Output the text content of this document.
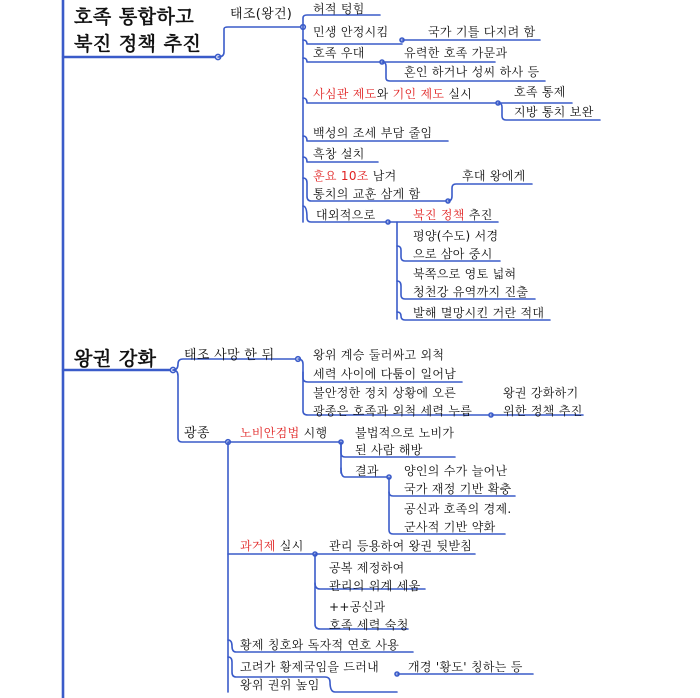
호족 통합하고
북진 정책 추진
태조(왕건) 허적 텅힘
민생 안정시킴	국가 기틀 다지려 함
호족 우대	유력한 호족 가문과
혼인 하거나 성씨 하사 등
사심관 제도와 기인 제도 실시	호족 통제
지방 통치 보완
백성의 조세 부담 줄임
흑창 설치
훈요 10조 남겨
통치의 교훈 삼게 함
후대 왕에게
대외적으로	북진 정책 추진
평양(수도) 서경
으로 삼아 중시
북쪽으로 영토 넓혀
청천강 유역까지 진출
발해 멸망시킨 거란 적대
왕권 강화 태조 사망 한 뒤	왕위 계승 둘러싸고 외척
세력 사이에 다툼이 일어남
불안정한 정치 상황에 오른
광종은 호족과 외척 세력 누름
왕권 강화하기
위한 정책 추진
광종	노비안검법 시행 불법적으로 노비가
된 사람 해방
결과 양인의 수가 늘어난
국가 재정 기반 확충
공신과 호족의 경제.
군사적 기반 약화
과거제 실시 관리 등용하여 왕권 뒷받침
공복 제정하여
관리의 위계 세움
++공신과
호족 세력 숙청
황제 칭호와 독자적 연호 사용
고려가 황제국임을 드러내
왕위 권위 높임
개경 '황도' 칭하는 등
